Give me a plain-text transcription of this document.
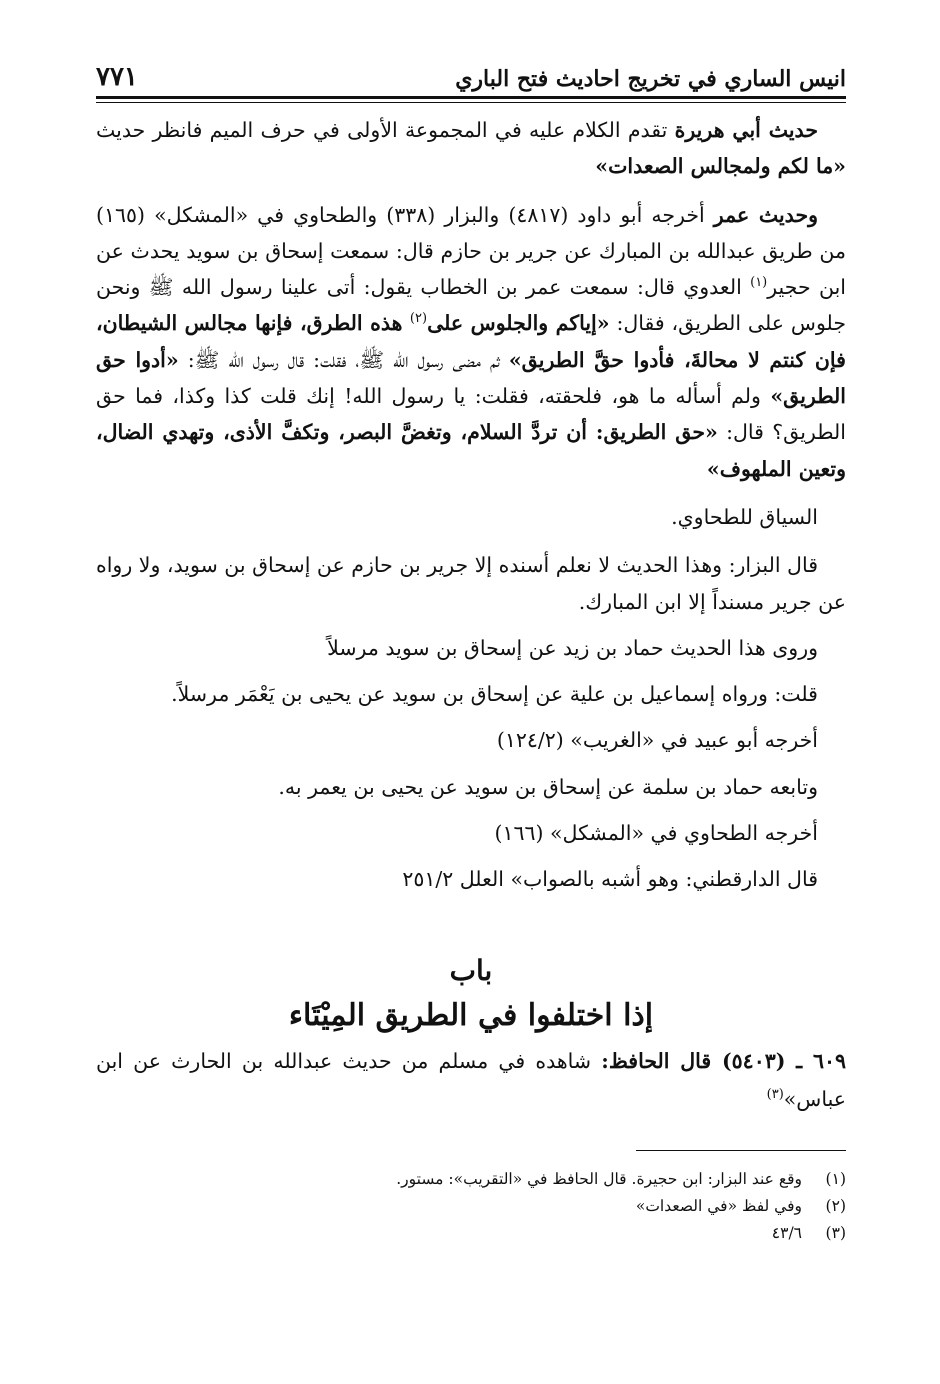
انيس الساري في تخريج احاديث فتح الباري
٧٧١

حديث أبي هريرة تقدم الكلام عليه في المجموعة الأولى في حرف الميم فانظر حديث «ما لكم ولمجالس الصعدات»

وحديث عمر أخرجه أبو داود (٤٨١٧) والبزار (٣٣٨) والطحاوي في «المشكل» (١٦٥) من طريق عبدالله بن المبارك عن جرير بن حازم قال: سمعت إسحاق بن سويد يحدث عن ابن حجير$^{(١)}$ العدوي قال: سمعت عمر بن الخطاب يقول: أتى علينا رسول الله ﷺ ونحن جلوس على الطريق، فقال: «إياكم والجلوس على$^{(٢)}$ هذه الطرق، فإنها مجالس الشيطان، فإن كنتم لا محالةَ، فأدوا حقَّ الطريق» ثم مضى رسول الله ﷺ، فقلت: قال رسول الله ﷺ: «أدوا حق الطريق» ولم أسأله ما هو، فلحقته، فقلت: يا رسول الله! إنك قلت كذا وكذا، فما حق الطريق؟ قال: «حق الطريق: أن تردَّ السلام، وتغضَّ البصر، وتكفَّ الأذى، وتهدي الضال، وتعين الملهوف»

السياق للطحاوي.

قال البزار: وهذا الحديث لا نعلم أسنده إلا جرير بن حازم عن إسحاق بن سويد، ولا رواه عن جرير مسنداً إلا ابن المبارك.

وروى هذا الحديث حماد بن زيد عن إسحاق بن سويد مرسلاً

قلت: ورواه إسماعيل بن علية عن إسحاق بن سويد عن يحيى بن يَعْمَر مرسلاً.

أخرجه أبو عبيد في «الغريب» (١٢٤/٢)

وتابعه حماد بن سلمة عن إسحاق بن سويد عن يحيى بن يعمر به.

أخرجه الطحاوي في «المشكل» (١٦٦)

قال الدارقطني: وهو أشبه بالصواب» العلل ٢٥١/٢

باب
إذا اختلفوا في الطريق المِيْتَاء

٦٠٩ ـ (٥٤٠٣) قال الحافظ: شاهده في مسلم من حديث عبدالله بن الحارث عن ابن عباس»$^{(٣)}$

(١)
وقع عند البزار: ابن حجيرة. قال الحافظ في «التقريب»: مستور.
(٢)
وفي لفظ «في الصعدات»
(٣)
٤٣/٦
